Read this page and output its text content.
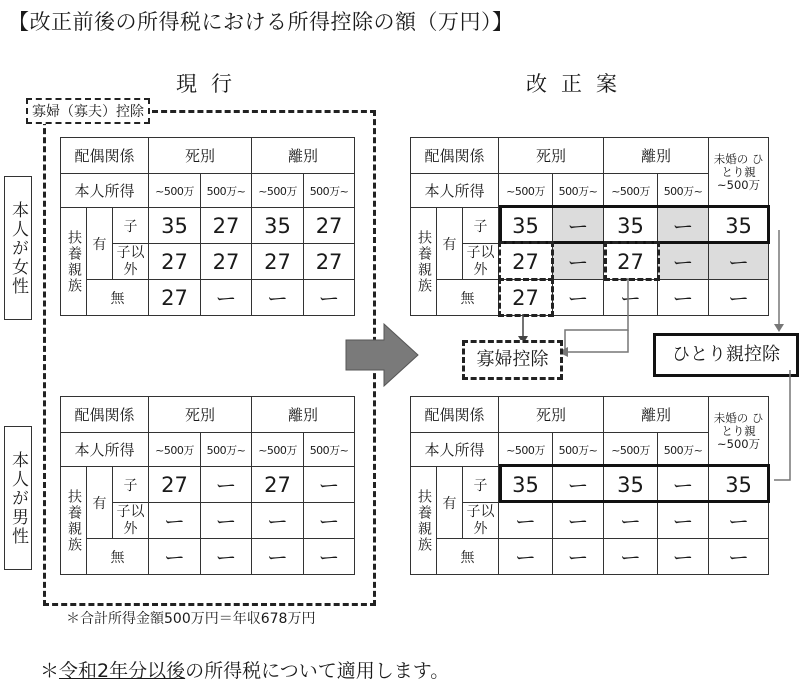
【改正前後の所得税における所得控除の額（万円）】
現行	改正案
本人が女性
本人が男性
寡婦（寡夫）控除
配偶関係			死別		離別	
本人所得			~500万	500万~	~500万	500万~

扶養親族	有	子	35	27	35	27
		子以外	27	27	27	27
	無		27	ー	ー	ー
配偶関係			死別		離別	
本人所得			~500万	500万~	~500万	500万~

扶養親族	有	子	27	ー	27	ー
		子以外	ー	ー	ー	ー
	無		ー	ー	ー	ー
配偶関係			死別		離別		未婚の ひとり親 ~500万
本人所得			~500万	500万~	~500万	500万~	

扶養親族	有	子	35	ー	35	ー	35
		子以外	27	ー	27	ー	ー
	無		27	ー	ー	ー	ー
寡婦控除	ひとり親控除
配偶関係			死別		離別		未婚の ひとり親 ~500万
本人所得			~500万	500万~	~500万	500万~	

扶養親族	有	子	35	ー	35	ー	35
		子以外	ー	ー	ー	ー	ー
	無		ー	ー	ー	ー	ー
＊合計所得金額500万円＝年収678万円
＊令和2年分以後の所得税について適用します。
